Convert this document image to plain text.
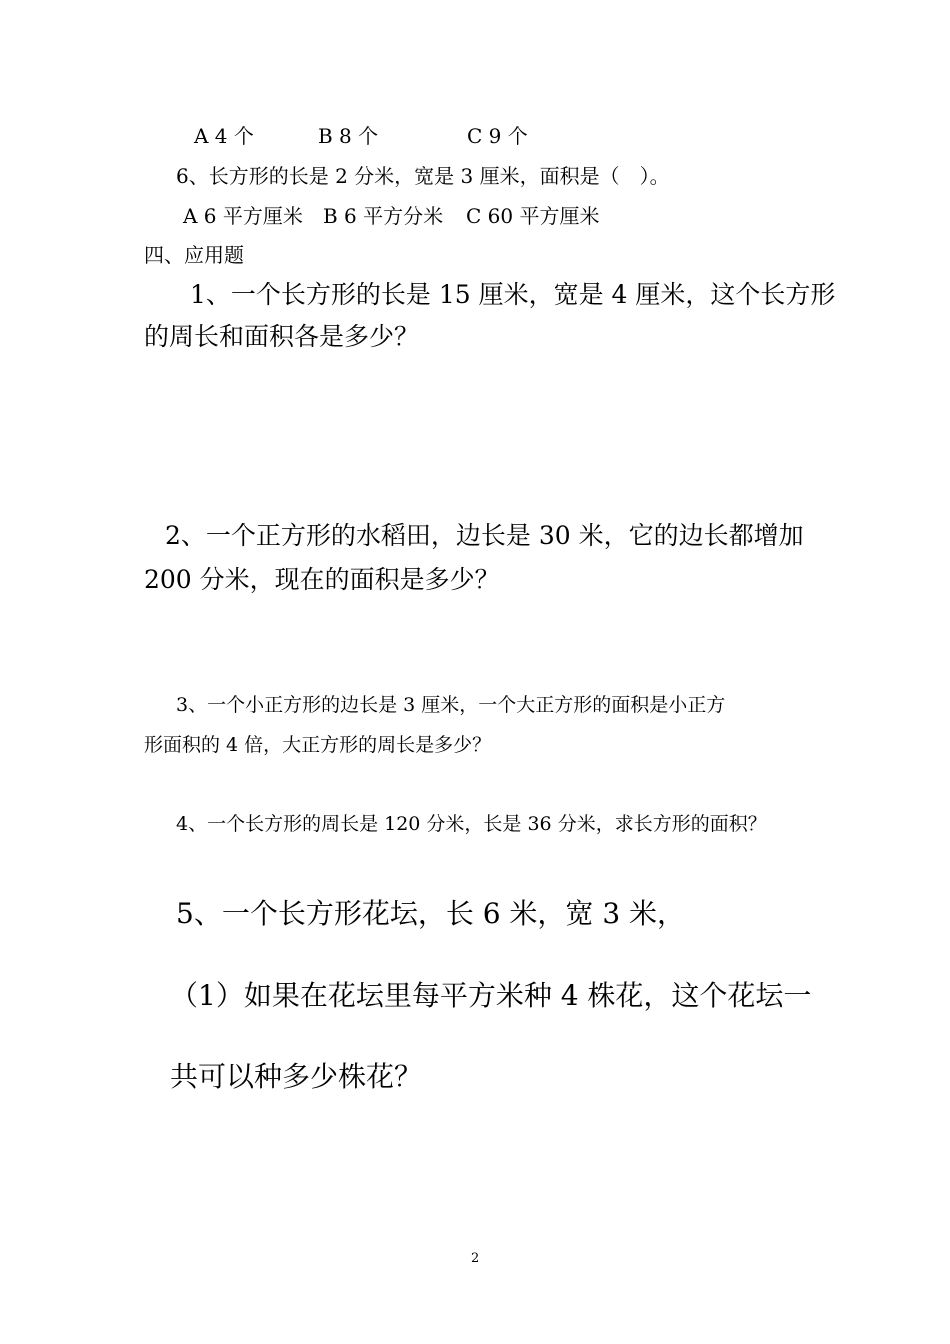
A 4 个	B 8 个	C 9 个
6、长方形的长是 2 分米，宽是 3 厘米，面积是（　）。
A 6 平方厘米 B 6 平方分米 C 60 平方厘米
四、应用题
1、一个长方形的长是 15 厘米，宽是 4 厘米，这个长方形
的周长和面积各是多少？
2、一个正方形的水稻田，边长是 30 米，它的边长都增加
200 分米，现在的面积是多少？
3、一个小正方形的边长是 3 厘米，一个大正方形的面积是小正方
形面积的 4 倍，大正方形的周长是多少？
4、一个长方形的周长是 120 分米，长是 36 分米，求长方形的面积？
5、一个长方形花坛，长 6 米，宽 3 米，
（1）如果在花坛里每平方米种 4 株花，这个花坛一
共可以种多少株花？
2
